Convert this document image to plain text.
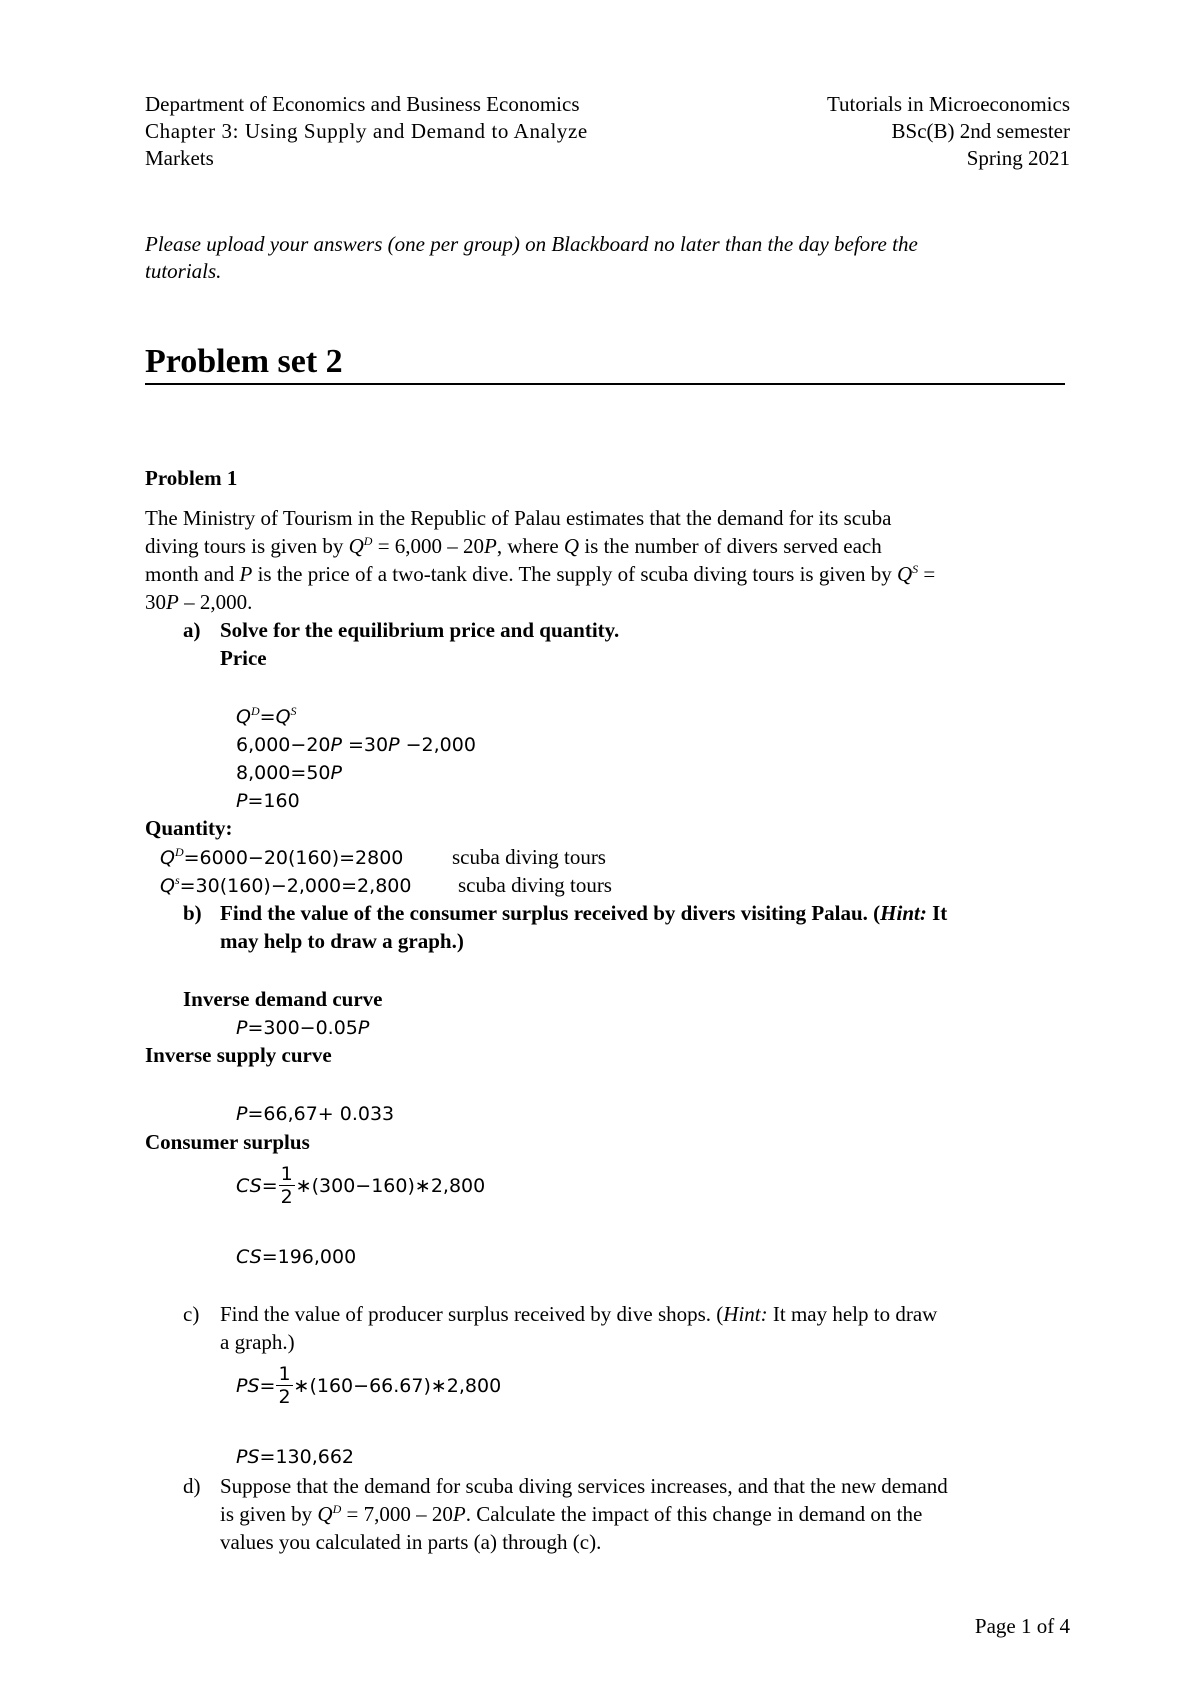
Department of Economics and Business Economics
Chapter 3: Using Supply and Demand to Analyze
Markets
Tutorials in Microeconomics
BSc(B) 2nd semester
Spring 2021
Please upload your answers (one per group) on Blackboard no later than the day before the
tutorials.
Problem set 2
Problem 1
The Ministry of Tourism in the Republic of Palau estimates that the demand for its scuba
diving tours is given by $Q^D = 6,000 - 20P$, where Q is the number of divers served each
month and P is the price of a two-tank dive. The supply of scuba diving tours is given by $Q^S$ =
30P – 2,000.
a) Solve for the equilibrium price and quantity.
Price
$Q^D=Q^S$
6,000−20P =30P −2,000
8,000=50P
P=160
Quantity:
$Q^D=6000-20(160)=2800$ scuba diving tours
$Q^s=30(160)-2,000=2,800$ scuba diving tours
b) Find the value of the consumer surplus received by divers visiting Palau. (Hint: It
may help to draw a graph.)
Inverse demand curve
P=300−0.05P
Inverse supply curve
P=66,67+ 0.033
Consumer surplus
$CS= \frac{1}{2}$ ∗(300−160)∗2,800
CS=196,000
c) Find the value of producer surplus received by dive shops. (Hint: It may help to draw
a graph.)
$PS= \frac{1}{2}$ ∗(160−66.67)∗2,800
PS=130,662
d) Suppose that the demand for scuba diving services increases, and that the new demand
is given by $Q^D = 7,000 - 20P$. Calculate the impact of this change in demand on the
values you calculated in parts (a) through (c).
Page 1 of 4
